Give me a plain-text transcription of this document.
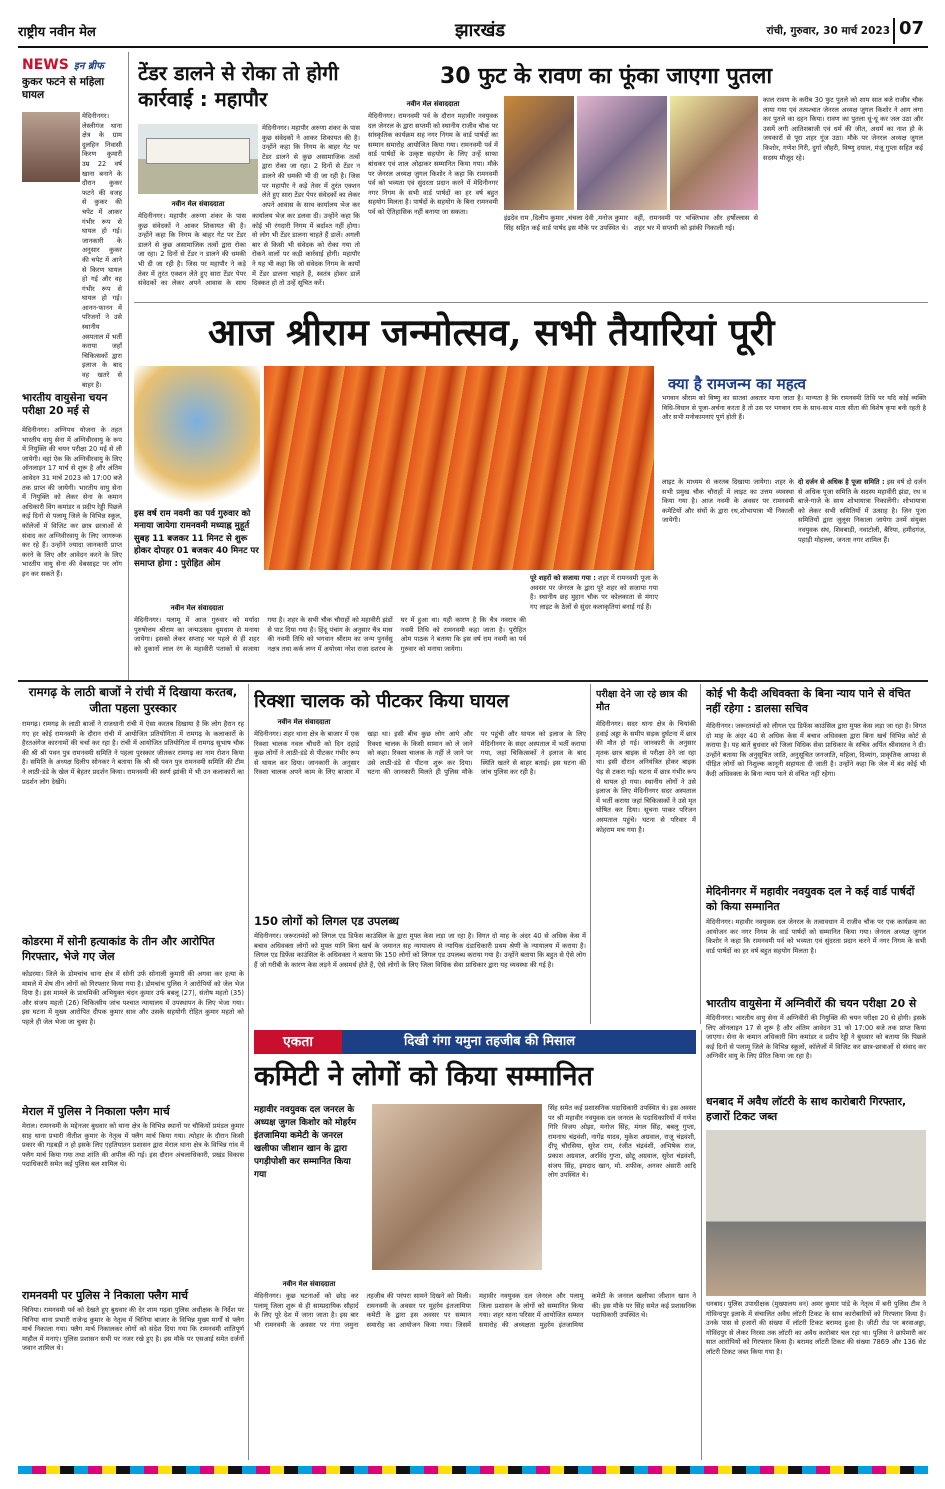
राष्ट्रीय नवीन मेल	झारखंड	रांची, गुरुवार, 30 मार्च 2023 07
NEWS इन ब्रीफ
कुकर फटने से महिला घायल
मेदिनीनगर। लेस्लीगंज थाना क्षेत्र के ग्राम दुलहिन निवासी किरण कुमारी उम्र 22 वर्ष खाना बनाने के दौरान कुकर फटने की वजह से कुकर की चपेट में आकर गंभीर रूप से घायल हो गई। जानकारी के अनुसार कुकर की चपेट में आने से किरण घायल हो गई और वह गंभीर रूप से घायल हो गई। आनन-फानन में परिजनों ने उसे स्थानीय अस्पताल में भर्ती कराया जहाँ चिकित्सकों द्वारा इलाज के बाद वह खतरे से बाहर है।
भारतीय वायुसेना चयन परीक्षा 20 मई से
मेदिनीनगर। अग्निपथ योजना के तहत भारतीय वायु सेना में अग्निवीरवायु के रूप में नियुक्ति की चयन परीक्षा 20 मई से ली जायेगी। वहां ऐक कि अग्निवीरवायु के लिए ऑनलाइन 17 मार्च से शुरू है और अंतिम आवेदन 31 मार्च 2023 को 17:00 बजे तक प्राप्त की जायेगी। भारतीय वायु सेना में नियुक्ति को लेकर सेना के कमान अधिकारी विंग कमांडर व प्रदीप रेड्डी पिछले कई दिनों से पलामू जिले के विभिन्न स्कूल, कॉलेजों में विजिट कर छात्र छात्राओं से संवाद कर अग्निवीरवायु के लिए जागरूक कर रहे हैं। उन्होंने ज्यादा जानकारी प्राप्त करने के लिए और आवेदन करने के लिए भारतीय वायु सेना की वेबसाइट पर लॉग इन कर सकते हैं।
टेंडर डालने से रोका तो होगी कार्रवाई : महापौर
नवीन मेल संवाददाता
मेदिनीनगर। महापौर अरुणा शंकर के पास कुछ संवेदकों ने आकर शिकायत की है। उन्होंने कहा कि निगम के बाहर गेट पर टेंडर डालने से कुछ असामाजिक तत्वों द्वारा रोका जा रहा। 2 दिनों से टेंडर न डालने की धमकी भी दी जा रही है। जिस पर महापौर ने कड़े तेवर में तुरंत एक्शन लेते हुए सारा टेंडर पेपर संवेदकों का लेकर अपने आवास के साथ कार्यालय भेज कर डलवा दी। उन्होंने कहा कि कोई भी रंगदारी निगम में बर्दाश्त नहीं होगा। वो लोग भी टेंडर डालना चाहते हैं डालें। अगली बार से किसी भी संवेदक को रोका गया तो रोकने वालों पर कड़ी कार्रवाई होगी। महापौर ने यह भी कहा कि जो संवेदक निगम के कार्यों में टेंडर डालना चाहते हैं, स्वतंत्र होकर डालें दिक्कत हो तो उन्हें सूचित करें।
मेदिनीनगर। महापौर अरुणा शंकर के पास कुछ संवेदकों ने आकर शिकायत की है। उन्होंने कहा कि निगम के बाहर गेट पर टेंडर डालने से कुछ असामाजिक तत्वों द्वारा रोका जा रहा। 2 दिनों से टेंडर न डालने की धमकी भी दी जा रही है। जिस पर महापौर ने कड़े तेवर में तुरंत एक्शन लेते हुए सारा टेंडर पेपर संवेदकों का लेकर अपने आवास के साथ कार्यालय भेज कर
30 फुट के रावण का फूंका जाएगा पुतला
नवीन मेल संवाददाता
मेदिनीनगर। रामनवमी पर्व के दौरान महावीर नवयुवक दल जेनरल के द्वारा सप्तमी को स्थानीय राजीव चौक पर सांस्कृतिक कार्यक्रम सह नगर निगम के वार्ड पार्षदों का सम्मान समारोह आयोजित किया गया। रामनवमी पर्व में वार्ड पार्षदों के उत्कृष्ट सहयोग के लिए उन्हें साफा बांधकर एवं शाल ओढ़ाकर सम्मानित किया गया। मौके पर जेनरल अध्यक्ष जुगल किशोर ने कहा कि रामनवमी पर्व को भव्यता एवं सुंदरता प्रदान करने में मेदिनीनगर नगर निगम के सभी वार्ड पार्षदों का हर वर्ष बहुत सहयोग मिलता है। पार्षदों के सहयोग के बिना रामनवमी पर्व को ऐतिहासिक नहीं बनाया जा सकता।
इंद्रदेव राम ,दिलीप कुमार ,चंचला देवी ,मनोज कुमार सिंह सहित कई वार्ड पार्षद इस मौके पर उपस्थित थे। वहीं, रामनवमी पर भक्तिभाव और हर्षोल्लास से शहर भर में सप्तमी को झांकी निकाली गई।
काल रावण के करीब 30 फुट पुतले को शाम सात बजे राजीव चौक लाया गया एवं तत्पश्चात जेनरल अध्यक्ष जुगल किशोर ने आग लगा कर पुतले का दहन किया। रावण का पुतला धूं-धूं कर जल उठा और उसमें लगी आतिशबाजी एवं धर्म की जीत, अधर्म का नाश हो के जयकारों से पूरा शहर गूंज उठा। मौके पर जेनरल अध्यक्ष जुगल किशोर, गणेश गिरी, दुर्गा जौहरी, विष्णु दयाल, मंजू गुप्ता सहित कई सदस्य मौजूद रहे।
आज श्रीराम जन्मोत्सव, सभी तैयारियां पूरी
इस वर्ष राम नवमी का पर्व गुरुवार को मनाया जायेगा रामनवमी मध्याह्न मुहूर्त सुबह 11 बजकर 11 मिनट से शुरू होकर दोपहर 01 बजकर 40 मिनट पर समाप्त होगा : पुरोहित ओम
क्या है रामजन्म का महत्व
भगवान श्रीराम को विष्णु का सातवां अवतार माना जाता है। मान्यता है कि रामनवमी तिथि पर यदि कोई व्यक्ति विधि-विधान से पूजा-अर्चना करता है तो उस पर भगवान राम के साथ-साथ माता सीता की विशेष कृपा बनी रहती है और सभी मनोकामनाएं पूर्ण होती हैं।
लाइट के माध्यम से करतब दिखाया जायेगा। शहर के सभी प्रमुख चौक चौराहों में लाइट का उत्तम व्यवस्था किया गया है। आज नवमी के अवसर पर रामनवमी कमेटियों और संघों के द्वारा रथ,शोभायात्रा भी निकाली जायेगी।
दो दर्जन से अधिक है पूजा समिति : इस वर्ष दो दर्जन से अधिक पूजा समिति के सदस्य महावीरी झंडा, रथ व बाजे-गाजे के साथ शोभायात्रा निकालेंगी। शोभायात्रा को लेकर सभी समितियों में उत्साह है। जिन पूजा समितियों द्वारा जुलूस निकाला जायेगा उनमें संयुक्त नवयुवक संघ, शिवबाड़ी, नवाटोली, बैरिया, हमीदगंज, पहाड़ी मोहल्ला, जनता नगर शामिल हैं।
नवीन मेल संवाददाता
मेदिनीनगर। पलामू में आज गुरुवार को मर्यादा पुरुषोत्तम श्रीराम का जन्मउत्सव धूमधाम से मनाया जायेगा। इसको लेकर सप्ताह भर पहले से ही शहर को दुकानों लाल रंग के महावीरी पताकों से सजाया गया है। शहर के सभी चौक चौराहों को महावीरी झंडों से पाट दिया गया है। हिंदू पंचांग के अनुसार चैत्र मास की नवमी तिथि को भगवान श्रीराम का जन्म पुनर्वसु नक्षत्र तथा कर्क लग्न में अयोध्या नरेश राजा दशरथ के घर में हुआ था। यही कारण है कि चैत्र नवरात्र की नवमी तिथि को रामनवमी कहा जाता है। पुरोहित ओम पाठक ने बताया कि इस वर्ष राम नवमी का पर्व गुरुवार को मनाया जायेगा।
पूरे शहरों को सजाया गया : शहर में रामनवमी पूजा के अवसर पर जेनरल के द्वारा पूरे शहर को सजाया गया है। स्थानीय छह मुहान चौक पर कोलकाता से मंगाए गए लाइट के ठेलों से सुंदर कलाकृतियां बनाई गई हैं।
रामगढ़ के लाठी बाजों ने रांची में दिखाया करतब, जीता पहला पुरस्कार
रामगढ़। रामगढ़ के लाठी बाजों ने राजधानी रांची में ऐसा करतब दिखाया है कि लोग हैरान रह गए हर कोई रामनवमी के दौरान रांची में आयोजित प्रतियोगिता में रामगढ़ के कलाकारों के हैरतअंगेज कारनामों की चर्चा कर रहा है। रांची में आयोजित प्रतियोगिता में रामगढ़ सुभाष चौक की श्री श्री पवन पुत्र रामनवमी समिति ने पहला पुरस्कार जीतकर रामगढ़ का नाम रोशन किया है। समिति के अध्यक्ष दिलीप सोनकर ने बताया कि श्री श्री पवन पुत्र रामनवमी समिति की टीम ने लाठी-डंडे के खेल में बेहतर प्रदर्शन किया। रामनवमी की स्वर्ण झांकी में भी उन कलाकारों का प्रदर्शन लोग देखेंगे।
कोडरमा में सोनी हत्याकांड के तीन और आरोपित गिरफ्तार, भेजे गए जेल
कोडरमा। जिले के डोमचांच थाना क्षेत्र में सोनी उर्फ सोनाली कुमारी की अगवा कर हत्या के मामले में शेष तीन लोगों को गिरफ्तार किया गया है। डोमचांच पुलिस ने आरोपियों को जेल भेज दिया है। इस मामले के प्राथमिकी अभियुक्त चंदन कुमार उर्फ बबलू (27), संतोष महतो (35) और संजय महतो (26) चिकित्सीय जांच पश्चात न्यायालय में उपस्थापन के लिए भेजा गया। इस घटना में मुख्य आरोपित दीपक कुमार साव और उसके सहयोगी रोहित कुमार महतो को पहले ही जेल भेजा जा चुका है।
मेराल में पुलिस ने निकाला फ्लैग मार्च
मेराल। रामनवमी के मद्देनजर बुधवार को थाना क्षेत्र के विभिन्न स्थानों पर चौकियों प्रमंडल कुमार साह थाना प्रभारी नीतीश कुमार के नेतृत्व में फ्लैग मार्च किया गया। त्योहार के दौरान किसी प्रकार की गड़बड़ी न हो इसके लिए एहतियातन प्रशासन द्वारा मेराल थाना क्षेत्र के विभिन्न गांव में फ्लैग मार्च किया गया तथा शांति की अपील की गई। इस दौरान अंचलाधिकारी, प्रखंड विकास पदाधिकारी समेत कई पुलिस बल शामिल थे।
रामनवमी पर पुलिस ने निकाला फ्लैग मार्च
चिनिया। रामनवमी पर्व को देखते हुए बुधवार की देर शाम गढ़वा पुलिस अधीक्षक के निर्देश पर चिनिया थाना प्रभारी राजेन्द्र कुमार के नेतृत्व में चिनिया बाजार के विभिन्न मुख्य मार्गों से फ्लैग मार्च निकाला गया। फ्लैग मार्च निकालकर लोगों को संदेश दिया गया कि रामनवमी शांतिपूर्ण माहौल में मनाएं। पुलिस प्रशासन सभी पर नजर रखे हुए है। इस मौके पर एसआई समेत दर्जनों जवान शामिल थे।
रिक्शा चालक को पीटकर किया घायल
नवीन मेल संवाददाता
मेदिनीनगर। शहर थाना क्षेत्र के बाजार में एक रिक्शा चालक नवल चौधरी को दिन दहाड़े कुछ लोगों ने लाठी-डंडे से पीटकर गंभीर रूप से घायल कर दिया। जानकारी के अनुसार रिक्शा चालक अपने काम के लिए बाजार में खड़ा था। इसी बीच कुछ लोग आये और रिक्शा चालक के किसी सामान को ले जाने को कहा। रिक्शा चालक के नहीं ले जाने पर उसे लाठी-डंडे से पीटना शुरू कर दिया। घटना की जानकारी मिलते ही पुलिस मौके पर पहुंची और घायल को इलाज के लिए मेदिनीनगर के सदर अस्पताल में भर्ती कराया गया, जहां चिकित्सकों ने इलाज के बाद स्थिति खतरे से बाहर बताई। इस घटना की जांच पुलिस कर रही है।
परीक्षा देने जा रहे छात्र की मौत
मेदिनीनगर। सदर थाना क्षेत्र के चियांकी हवाई अड्डा के समीप सड़क दुर्घटना में छात्र की मौत हो गई। जानकारी के अनुसार मृतक छात्र बाइक से परीक्षा देने जा रहा था। इसी दौरान अनियंत्रित होकर बाइक पेड़ से टकरा गई। घटना में छात्र गंभीर रूप से घायल हो गया। स्थानीय लोगों ने उसे इलाज के लिए मेदिनीनगर सदर अस्पताल में भर्ती कराया जहां चिकित्सकों ने उसे मृत घोषित कर दिया। सूचना पाकर परिजन अस्पताल पहुंचे। घटना से परिवार में कोहराम मच गया है।
150 लोगों को लिगल एड उपलब्ध
मेदिनीनगर। जरूरतमंदों को लिगल एड डिफेंस काउंसिल के द्वारा मुफ्त केस लड़ा जा रहा है। विगत दो माह के अंदर 40 से अधिक केस में बचाव अधिवक्ता लोगों को मुफ्त यानि बिना खर्च के जमानत सह न्यायालय से न्यायिक दंडाधिकारी प्रथम श्रेणी के न्यायालय में कराया है। लिगल एड डिफेंस काउंसिल के अधिवक्ता ने बताया कि 150 लोगों को लिगल एड उपलब्ध कराया गया है। उन्होंने बताया कि बहुत से ऐसे लोग हैं जो गरीबी के कारण केस लड़ने में असमर्थ होते हैं, ऐसे लोगों के लिए जिला विधिक सेवा प्राधिकार द्वारा यह व्यवस्था की गई है।
कोई भी कैदी अधिवक्ता के बिना न्याय पाने से वंचित नहीं रहेगा : डालसा सचिव
मेदिनीनगर। जरूरतमंदों को लीगल एड डिफेंस काउंसिल द्वारा मुफ्त केस लड़ा जा रहा है। विगत दो माह के अंदर 40 से अधिक केस में बचाव अधिवक्ता द्वारा बिना खर्च विभिन्न कोर्ट से कराया है। यह बातें बुधवार को जिला विधिक सेवा प्राधिकार के सचिव अर्पित श्रीवास्तव ने दी। उन्होंने बताया कि अनुसूचित जाति, अनुसूचित जनजाति, महिला, दिव्यांग, प्राकृतिक आपदा से पीड़ित लोगों को निशुल्क कानूनी सहायता दी जाती है। उन्होंने कहा कि जेल में बंद कोई भी कैदी अधिवक्ता के बिना न्याय पाने से वंचित नहीं रहेगा।
मेदिनीनगर में महावीर नवयुवक दल ने कई वार्ड पार्षदों को किया सम्मानित
मेदिनीनगर। महावीर नवयुवक दल जेनरल के तत्वावधान में राजीव चौक पर एक कार्यक्रम का आयोजन कर नगर निगम के वार्ड पार्षदों को सम्मानित किया गया। जेनरल अध्यक्ष जुगल किशोर ने कहा कि रामनवमी पर्व को भव्यता एवं सुंदरता प्रदान करने में नगर निगम के सभी वार्ड पार्षदों का हर वर्ष बहुत सहयोग मिलता है।
भारतीय वायुसेना में अग्निवीरों की चयन परीक्षा 20 से
मेदिनीनगर। भारतीय वायु सेना में अग्निवीरों की नियुक्ति की चयन परीक्षा 20 से होगी। इसके लिए ऑनलाइन 17 से शुरू है और अंतिम आवेदन 31 को 17:00 बजे तक प्राप्त किया जाएगा। सेना के कमान अधिकारी विंग कमांडर व प्रदीप रेड्डी ने बुधवार को बताया कि पिछले कई दिनों से पलामू जिले के विभिन्न स्कूलों, कॉलेजों में विजिट कर छात्र-छात्राओं से संवाद कर अग्निवीर वायु के लिए प्रेरित किया जा रहा है।
धनबाद में अवैध लॉटरी के साथ कारोबारी गिरफ्तार, हजारों टिकट जब्त
धनबाद। पुलिस उपाधीक्षक (मुख्यालय वन) अमर कुमार पांडे के नेतृत्व में बनी पुलिस टीम ने गोविन्दपुर इलाके में संचालित अवैध लॉटरी टिकट के साथ कारोबारियों को गिरफ्तार किया है। उनके पास से हजारों की संख्या में लॉटरी टिकट बरामद हुआ है। जीटी रोड पर बरवाअड्डा, गोविंदपुर से लेकर निरसा तक लॉटरी का अवैध कारोबार चल रहा था। पुलिस ने छापेमारी कर सात आरोपियों को गिरफ्तार किया है। बरामद लॉटरी टिकट की संख्या 7869 और 136 सेट लॉटरी टिकट जब्त किया गया है।
एकता	दिखी गंगा यमुना तहजीब की मिसाल
कमिटी ने लोगों को किया सम्मानित
महावीर नवयुवक दल जनरल के अध्यक्ष जुगल किशोर को मोहर्रम इंतजामिया कमेटी के जनरल खलीफा जीशान खान के द्वारा पगड़ीपोशी कर सम्मानित किया गया
सिंह समेत कई प्रशासनिक पदाधिकारी उपस्थित थे। इस अवसर पर श्री महावीर नवयुवक दल जनरल के पदाधिकारियों में गणेश गिरि विजय ओझा, मनोज सिंह, मंगल सिंह, बबलू गुप्ता, रामनाथ चंद्रवंशी, नागेंद्र यादव, मुकेश अग्रवाल, राजू चंद्रवंशी, दीपू चौरसिया, सुरेश राम, रंजीत चंद्रवंशी, अभिषेक राज, प्रकाश अग्रवाल, अरविंद गुप्ता, छोटू अग्रवाल, सुरेश चंद्रवंशी, संजय सिंह, इमदाद खान, मो. शफीक, अनवर अंसारी आदि लोग उपस्थित थे।
नवीन मेल संवाददाता
मेदिनीनगर। कुछ घटनाओं को छोड़ कर पलामू जिला शुरू से ही साम्प्रदायिक सौहार्द के लिए पूरे देश में जाना जाता है। इस बार भी रामनवमी के अवसर पर गंगा जमुना तहजीब की परंपरा सामने दिखने को मिली। रामनवमी के अवसर पर मुहर्रम इंतजामिया कमेटी के द्वारा इस अवसर पर सम्मान समारोह का आयोजन किया गया। जिसमें महावीर नवयुवक दल जेनरल और पलामू जिला प्रशासन के लोगों को सम्मानित किया गया। शहर थाना परिसर में आयोजित सम्मान समारोह की अध्यक्षता मुहर्रम इंतजामिया कमेटी के जनरल खलीफा जीशान खान ने की। इस मौके पर सिंह समेत कई प्रशासनिक पदाधिकारी उपस्थित थे।
